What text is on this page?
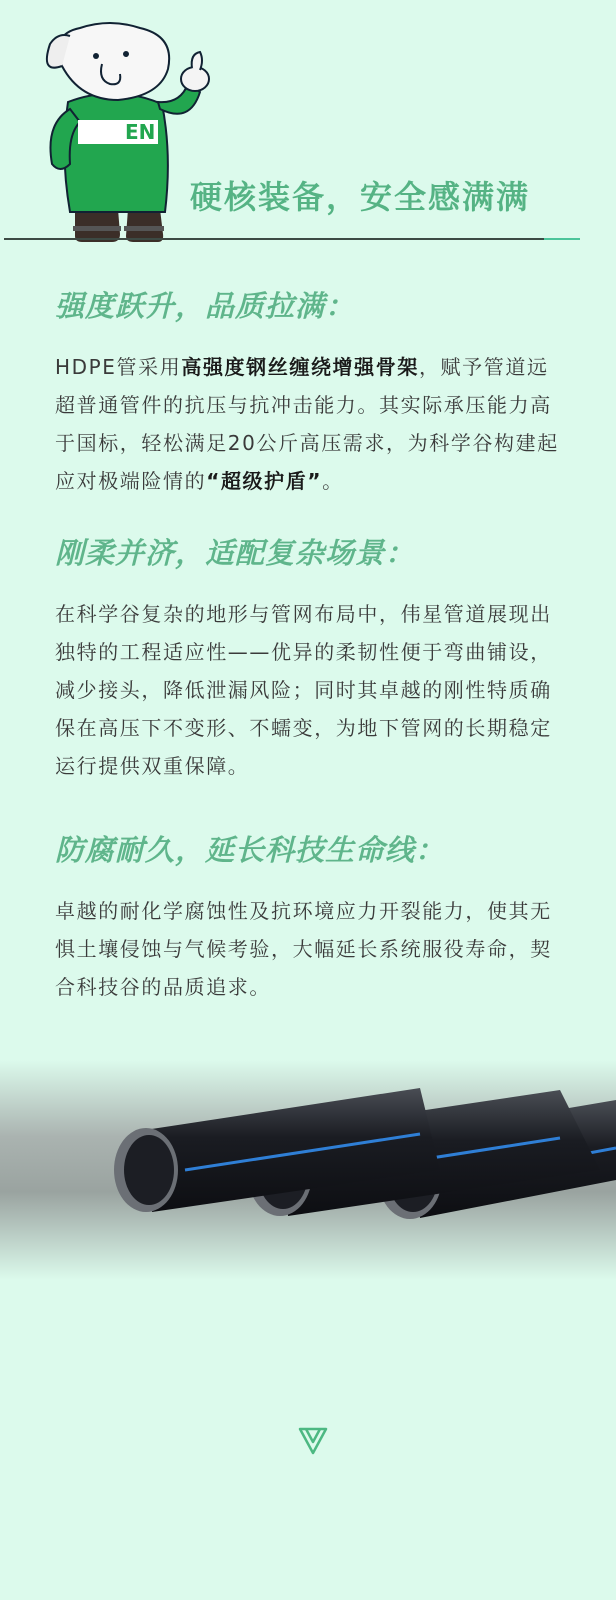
EN
硬核装备，安全感满满
强度跃升，品质拉满：

HDPE管采用高强度钢丝缠绕增强骨架，赋予管道远超普通管件的抗压与抗冲击能力。其实际承压能力高于国标，轻松满足20公斤高压需求，为科学谷构建起应对极端险情的“超级护盾”。

刚柔并济，适配复杂场景：

在科学谷复杂的地形与管网布局中，伟星管道展现出独特的工程适应性——优异的柔韧性便于弯曲铺设，减少接头，降低泄漏风险；同时其卓越的刚性特质确保在高压下不变形、不蠕变，为地下管网的长期稳定运行提供双重保障。

防腐耐久，延长科技生命线：

卓越的耐化学腐蚀性及抗环境应力开裂能力，使其无惧土壤侵蚀与气候考验，大幅延长系统服役寿命，契合科技谷的品质追求。
